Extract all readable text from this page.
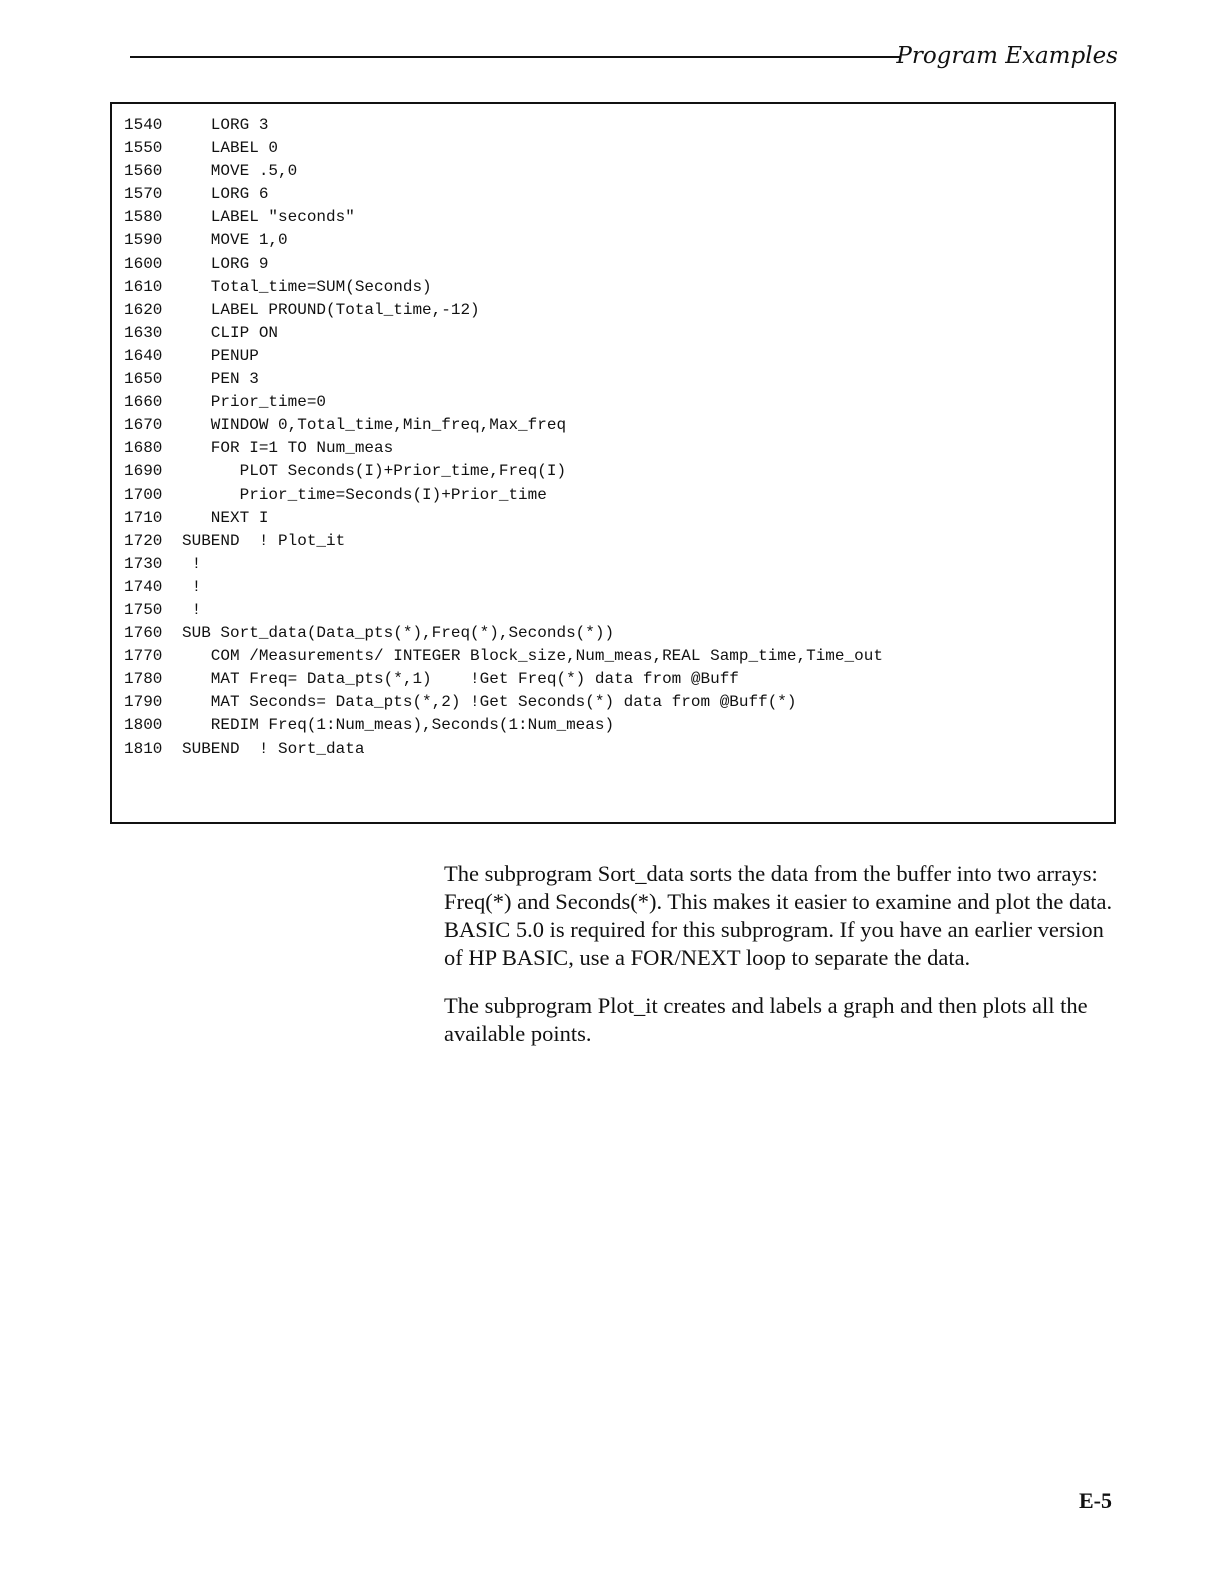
Program Examples
1540   LORG 3
1550   LABEL 0
1560   MOVE .5,0
1570   LORG 6
1580   LABEL "seconds"
1590   MOVE 1,0
1600   LORG 9
1610   Total_time=SUM(Seconds)
1620   LABEL PROUND(Total_time,-12)
1630   CLIP ON
1640   PENUP
1650   PEN 3
1660   Prior_time=0
1670   WINDOW 0,Total_time,Min_freq,Max_freq
1680   FOR I=1 TO Num_meas
1690      PLOT Seconds(I)+Prior_time,Freq(I)
1700      Prior_time=Seconds(I)+Prior_time
1710   NEXT I
1720 SUBEND  ! Plot_it
1730 !
1740 !
1750 !
1760 SUB Sort_data(Data_pts(*),Freq(*),Seconds(*))
1770   COM /Measurements/ INTEGER Block_size,Num_meas,REAL Samp_time,Time_out
1780   MAT Freq= Data_pts(*,1)    !Get Freq(*) data from @Buff
1790   MAT Seconds= Data_pts(*,2) !Get Seconds(*) data from @Buff(*)
1800   REDIM Freq(1:Num_meas),Seconds(1:Num_meas)
1810 SUBEND  ! Sort_data

The subprogram Sort_data sorts the data from the buffer into two arrays: Freq(*) and Seconds(*). This makes it easier to examine and plot the data. BASIC 5.0 is required for this subprogram. If you have an earlier version of HP BASIC, use a FOR/NEXT loop to separate the data.

The subprogram Plot_it creates and labels a graph and then plots all the available points.

E-5
